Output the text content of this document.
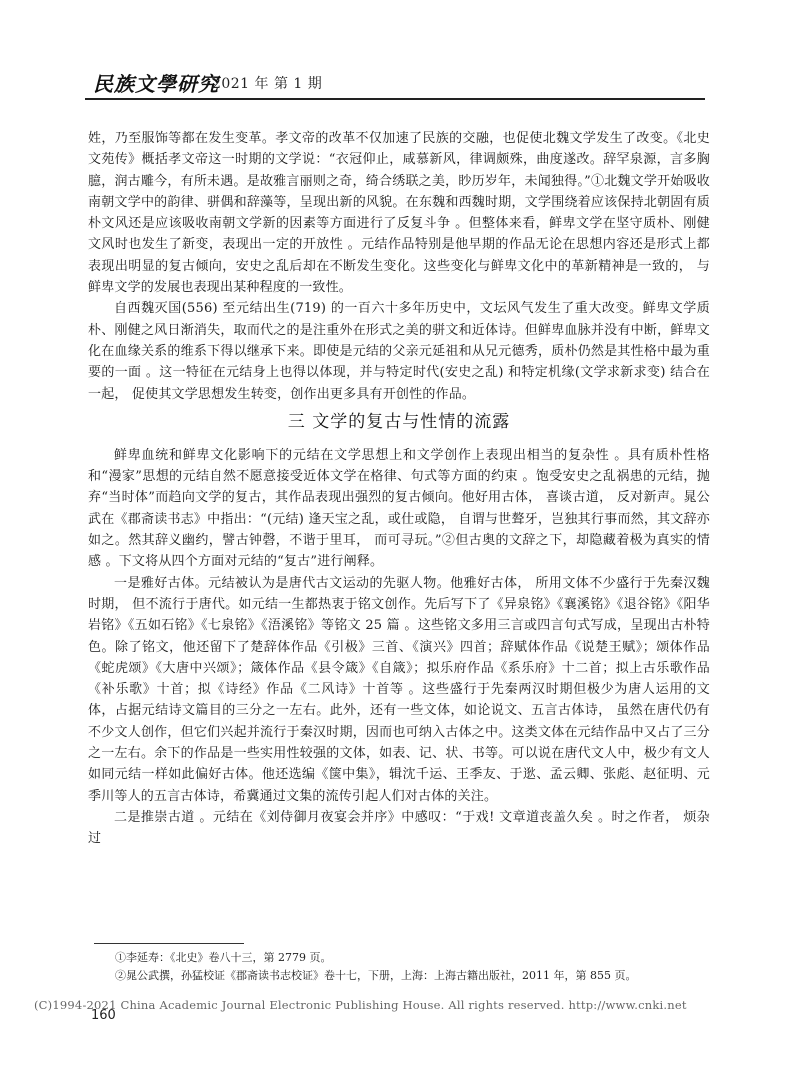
民族文學研究
·2021 年 第 1 期

姓，乃至服饰等都在发生变革。孝文帝的改革不仅加速了民族的交融，也促使北魏文学发生了改变。《北史文苑传》概括孝文帝这一时期的文学说：“衣冠仰止，咸慕新风，律调颇殊，曲度遂改。辞罕泉源，言多胸臆，润古雕今，有所未遇。是故雅言丽则之奇，绮合绣联之美，眇历岁年，未闻独得。”①北魏文学开始吸收南朝文学中的韵律、骈偶和辞藻等，呈现出新的风貌。在东魏和西魏时期，文学围绕着应该保持北朝固有质朴文风还是应该吸收南朝文学新的因素等方面进行了反复斗争 。但整体来看，鲜卑文学在坚守质朴、刚健文风时也发生了新变，表现出一定的开放性 。元结作品特别是他早期的作品无论在思想内容还是形式上都表现出明显的复古倾向，安史之乱后却在不断发生变化。这些变化与鲜卑文化中的革新精神是一致的， 与鲜卑文学的发展也表现出某种程度的一致性。

自西魏灭国(556) 至元结出生(719) 的一百六十多年历史中，文坛风气发生了重大改变。鲜卑文学质朴、刚健之风日渐消失，取而代之的是注重外在形式之美的骈文和近体诗。但鲜卑血脉并没有中断，鲜卑文化在血缘关系的维系下得以继承下来。即使是元结的父亲元延祖和从兄元德秀，质朴仍然是其性格中最为重要的一面 。这一特征在元结身上也得以体现，并与特定时代(安史之乱) 和特定机缘(文学求新求变) 结合在一起， 促使其文学思想发生转变，创作出更多具有开创性的作品。

三 文学的复古与性情的流露

鲜卑血统和鲜卑文化影响下的元结在文学思想上和文学创作上表现出相当的复杂性 。具有质朴性格和“漫家”思想的元结自然不愿意接受近体文学在格律、句式等方面的约束 。饱受安史之乱祸患的元结，抛弃“当时体”而趋向文学的复古，其作品表现出强烈的复古倾向。他好用古体， 喜谈古道， 反对新声。晁公武在《郡斋读书志》中指出：“(元结) 逢天宝之乱，或仕或隐， 自谓与世聱牙，岂独其行事而然，其文辞亦如之。然其辞义幽约，譬古钟磬，不谐于里耳， 而可寻玩。”②但古奥的文辞之下，却隐藏着极为真实的情感 。下文将从四个方面对元结的“复古”进行阐释。

一是雅好古体。元结被认为是唐代古文运动的先驱人物。他雅好古体， 所用文体不少盛行于先秦汉魏时期， 但不流行于唐代。如元结一生都热衷于铭文创作。先后写下了《异泉铭》《襄溪铭》《退谷铭》《阳华岩铭》《五如石铭》《七泉铭》《浯溪铭》等铭文 25 篇 。这些铭文多用三言或四言句式写成，呈现出古朴特色。除了铭文，他还留下了楚辞体作品《引极》三首、《演兴》四首；辞赋体作品《说楚王赋》；颂体作品《蛇虎颂》《大唐中兴颂》；箴体作品《县令箴》《自箴》；拟乐府作品《系乐府》十二首；拟上古乐歌作品《补乐歌》十首；拟《诗经》作品《二风诗》十首等 。这些盛行于先秦两汉时期但极少为唐人运用的文体，占据元结诗文篇目的三分之一左右。此外，还有一些文体，如论说文、五言古体诗， 虽然在唐代仍有不少文人创作，但它们兴起并流行于秦汉时期，因而也可纳入古体之中。这类文体在元结作品中又占了三分之一左右。余下的作品是一些实用性较强的文体，如表、记、状、书等。可以说在唐代文人中，极少有文人如同元结一样如此偏好古体。他还选编《箧中集》，辑沈千运、王季友、于逖、孟云卿、张彪、赵征明、元季川等人的五言古体诗，希冀通过文集的流传引起人们对古体的关注。

二是推崇古道 。元结在《刘侍御月夜宴会并序》中感叹：“于戏! 文章道丧盖久矣 。时之作者， 烦杂过

①李延寿：《北史》卷八十三，第 2779 页。

②晁公武撰，孙猛校证《郡斋读书志校证》卷十七，下册，上海：上海古籍出版社，2011 年，第 855 页。

(C)1994-2021 China Academic Journal Electronic Publishing House. All rights reserved. http://www.cnki.net
160
